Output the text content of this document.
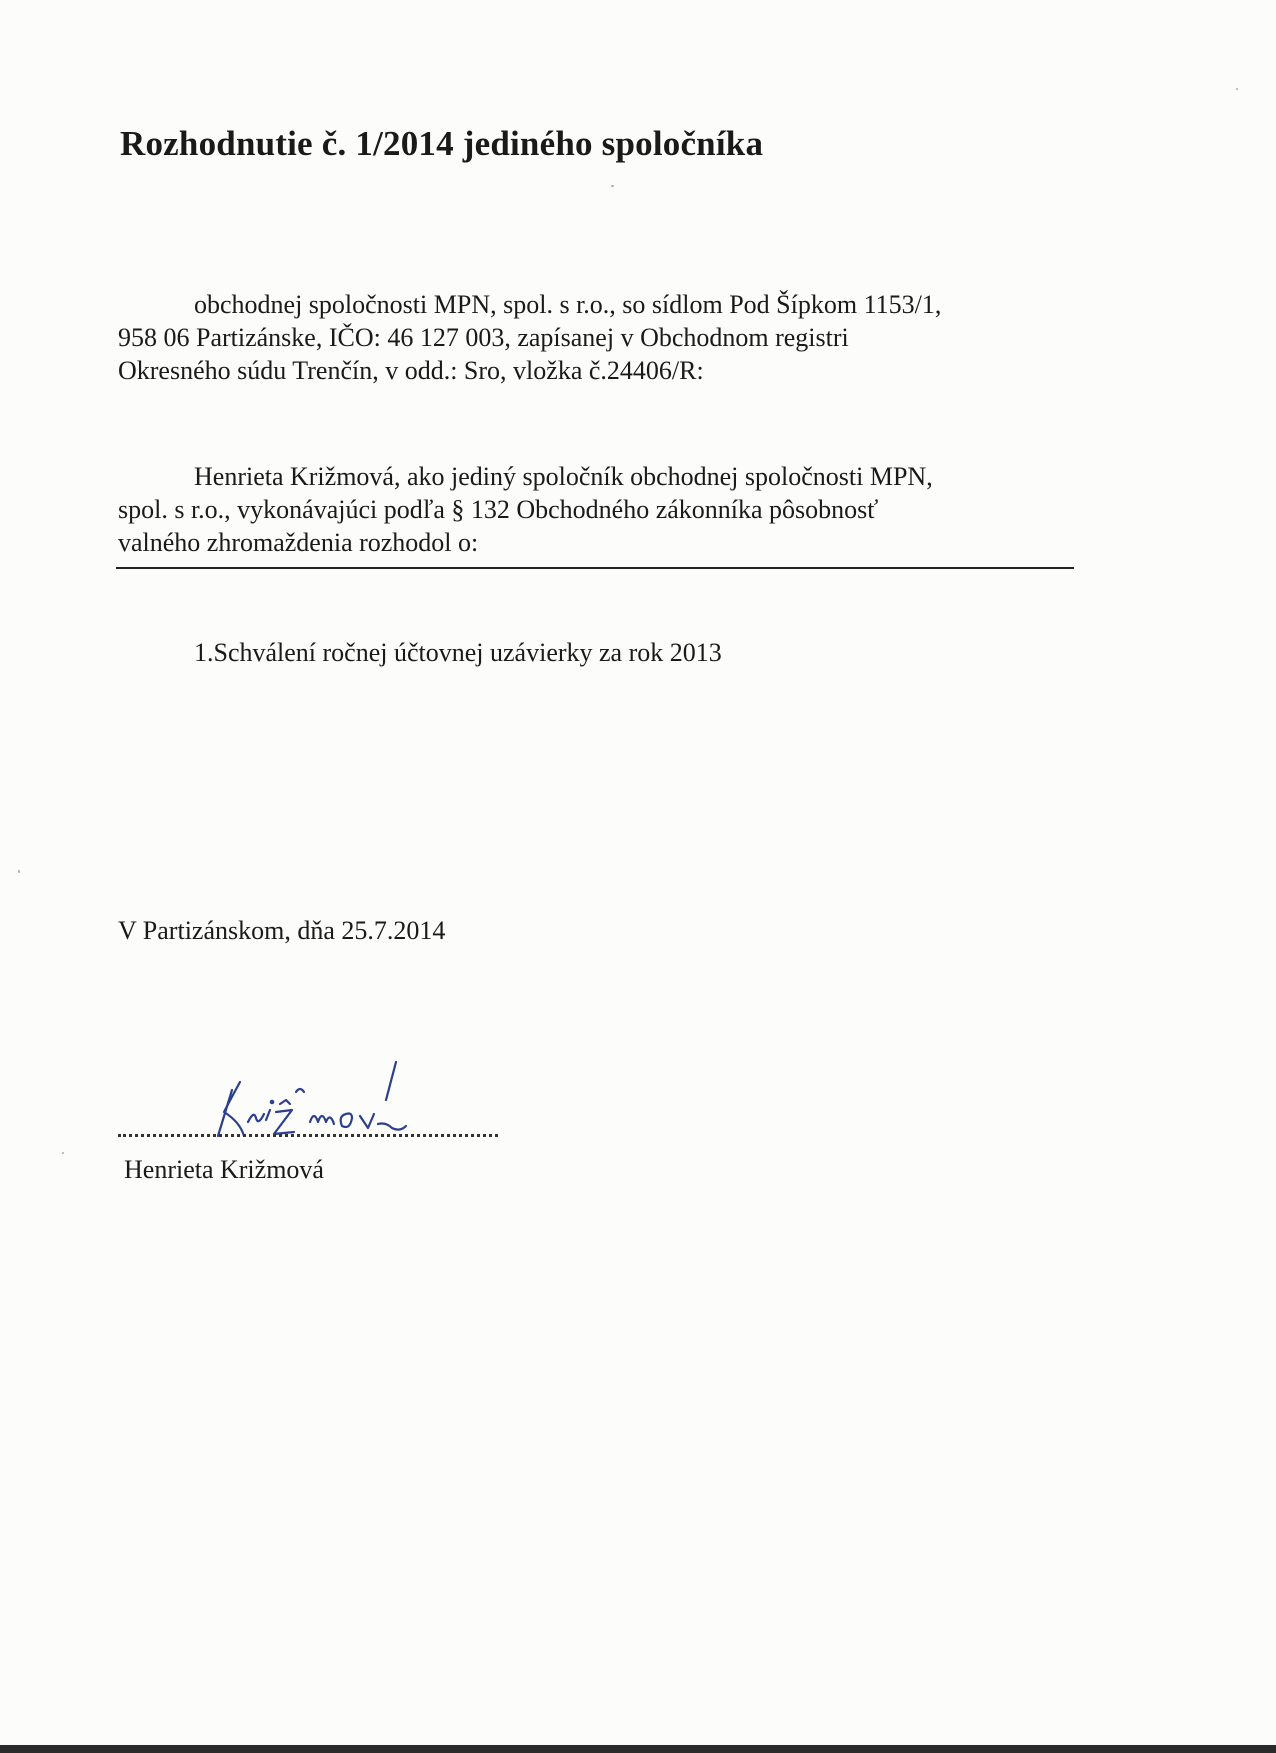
Rozhodnutie č. 1/2014 jediného spoločníka

obchodnej spoločnosti MPN, spol. s r.o., so sídlom Pod Šípkom 1153/1,

958 06 Partizánske, IČO: 46 127 003, zapísanej v Obchodnom registri

Okresného súdu Trenčín, v odd.: Sro, vložka č.24406/R:

Henrieta Križmová, ako jediný spoločník obchodnej spoločnosti MPN,

spol. s r.o., vykonávajúci podľa § 132 Obchodného zákonníka pôsobnosť

valného zhromaždenia rozhodol o:

1.Schválení ročnej účtovnej uzávierky za rok 2013
V Partizánskom, dňa 25.7.2014
Henrieta Križmová
